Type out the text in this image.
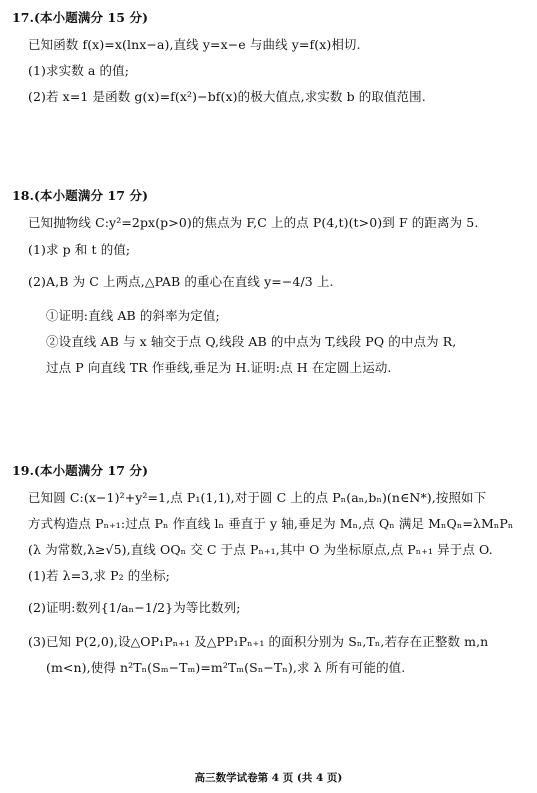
17.(本小题满分 15 分)
已知函数 f(x)=x(lnx−a),直线 y=x−e 与曲线 y=f(x)相切.
(1)求实数 a 的值;
(2)若 x=1 是函数 g(x)=f(x²)−bf(x)的极大值点,求实数 b 的取值范围.
18.(本小题满分 17 分)
已知抛物线 C:y²=2px(p>0)的焦点为 F,C 上的点 P(4,t)(t>0)到 F 的距离为 5.
(1)求 p 和 t 的值;
(2)A,B 为 C 上两点,△PAB 的重心在直线 y=−4/3 上.
①证明:直线 AB 的斜率为定值;
②设直线 AB 与 x 轴交于点 Q,线段 AB 的中点为 T,线段 PQ 的中点为 R,
过点 P 向直线 TR 作垂线,垂足为 H.证明:点 H 在定圆上运动.
19.(本小题满分 17 分)
已知圆 C:(x−1)²+y²=1,点 P₁(1,1),对于圆 C 上的点 Pₙ(aₙ,bₙ)(n∈N*),按照如下
方式构造点 Pₙ₊₁:过点 Pₙ 作直线 lₙ 垂直于 y 轴,垂足为 Mₙ,点 Qₙ 满足 MₙQₙ=λMₙPₙ
(λ 为常数,λ≥√5),直线 OQₙ 交 C 于点 Pₙ₊₁,其中 O 为坐标原点,点 Pₙ₊₁ 异于点 O.
(1)若 λ=3,求 P₂ 的坐标;
(2)证明:数列{1/aₙ−1/2}为等比数列;
(3)已知 P(2,0),设△OP₁Pₙ₊₁ 及△PP₁Pₙ₊₁ 的面积分别为 Sₙ,Tₙ,若存在正整数 m,n
(m<n),使得 n²Tₙ(Sₘ−Tₘ)=m²Tₘ(Sₙ−Tₙ),求 λ 所有可能的值.
高三数学试卷第 4 页 (共 4 页)
